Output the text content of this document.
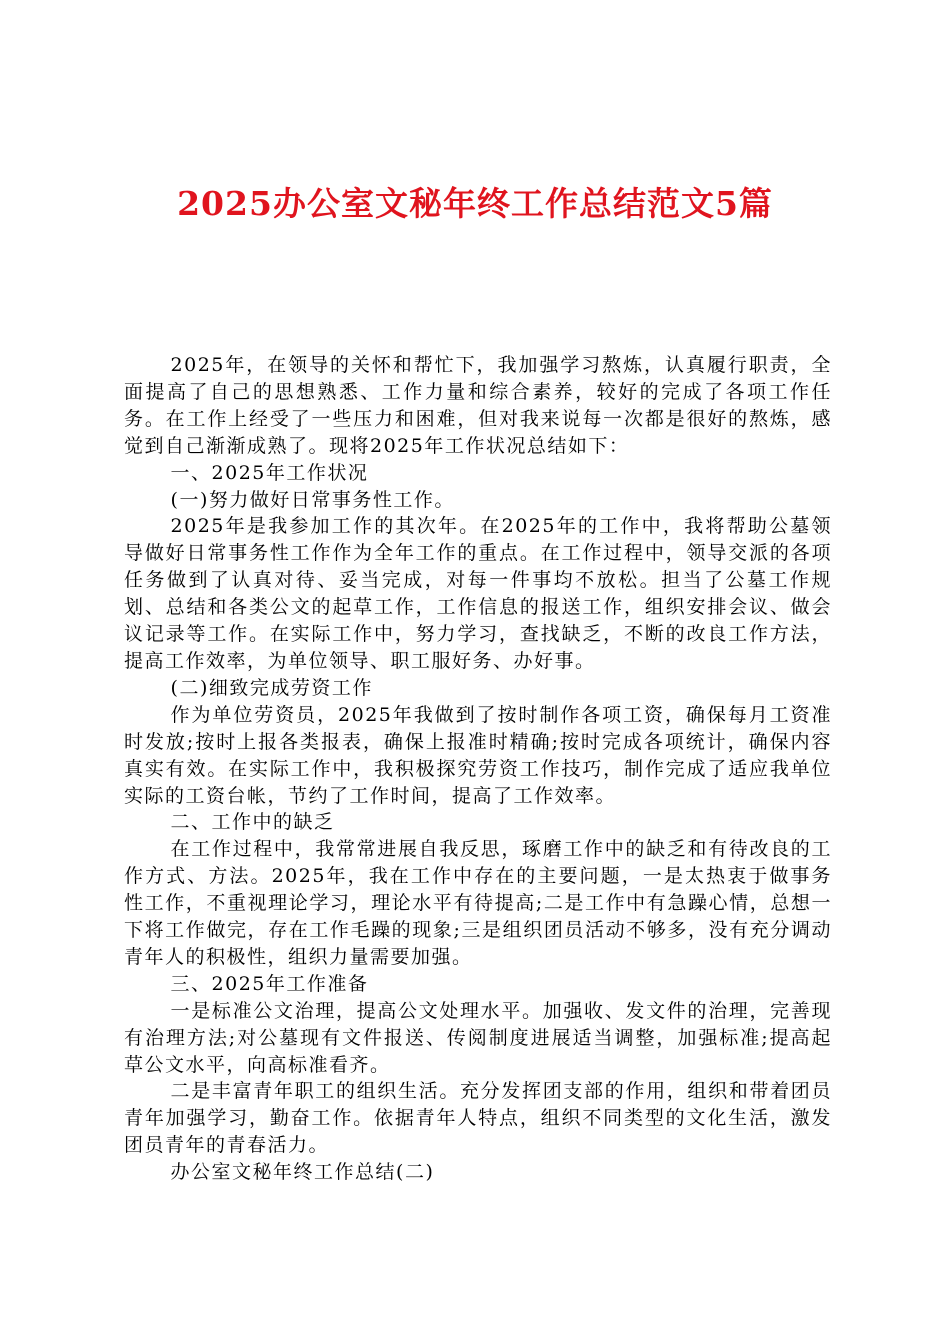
2025办公室文秘年终工作总结范文5篇

2025年，在领导的关怀和帮忙下，我加强学习熬炼，认真履行职责，全面提高了自己的思想熟悉、工作力量和综合素养，较好的完成了各项工作任务。在工作上经受了一些压力和困难，但对我来说每一次都是很好的熬炼，感觉到自己渐渐成熟了。现将2025年工作状况总结如下：

一、2025年工作状况

(一)努力做好日常事务性工作。

2025年是我参加工作的其次年。在2025年的工作中，我将帮助公墓领导做好日常事务性工作作为全年工作的重点。在工作过程中，领导交派的各项任务做到了认真对待、妥当完成，对每一件事均不放松。担当了公墓工作规划、总结和各类公文的起草工作，工作信息的报送工作，组织安排会议、做会议记录等工作。在实际工作中，努力学习，查找缺乏，不断的改良工作方法，提高工作效率，为单位领导、职工服好务、办好事。

(二)细致完成劳资工作

作为单位劳资员，2025年我做到了按时制作各项工资，确保每月工资准时发放;按时上报各类报表，确保上报准时精确;按时完成各项统计，确保内容真实有效。在实际工作中，我积极探究劳资工作技巧，制作完成了适应我单位实际的工资台帐，节约了工作时间，提高了工作效率。

二、工作中的缺乏

在工作过程中，我常常进展自我反思，琢磨工作中的缺乏和有待改良的工作方式、方法。2025年，我在工作中存在的主要问题，一是太热衷于做事务性工作，不重视理论学习，理论水平有待提高;二是工作中有急躁心情，总想一下将工作做完，存在工作毛躁的现象;三是组织团员活动不够多，没有充分调动青年人的积极性，组织力量需要加强。

三、2025年工作准备

一是标准公文治理，提高公文处理水平。加强收、发文件的治理，完善现有治理方法;对公墓现有文件报送、传阅制度进展适当调整，加强标准;提高起草公文水平，向高标准看齐。

二是丰富青年职工的组织生活。充分发挥团支部的作用，组织和带着团员青年加强学习，勤奋工作。依据青年人特点，组织不同类型的文化生活，激发团员青年的青春活力。

办公室文秘年终工作总结(二)
